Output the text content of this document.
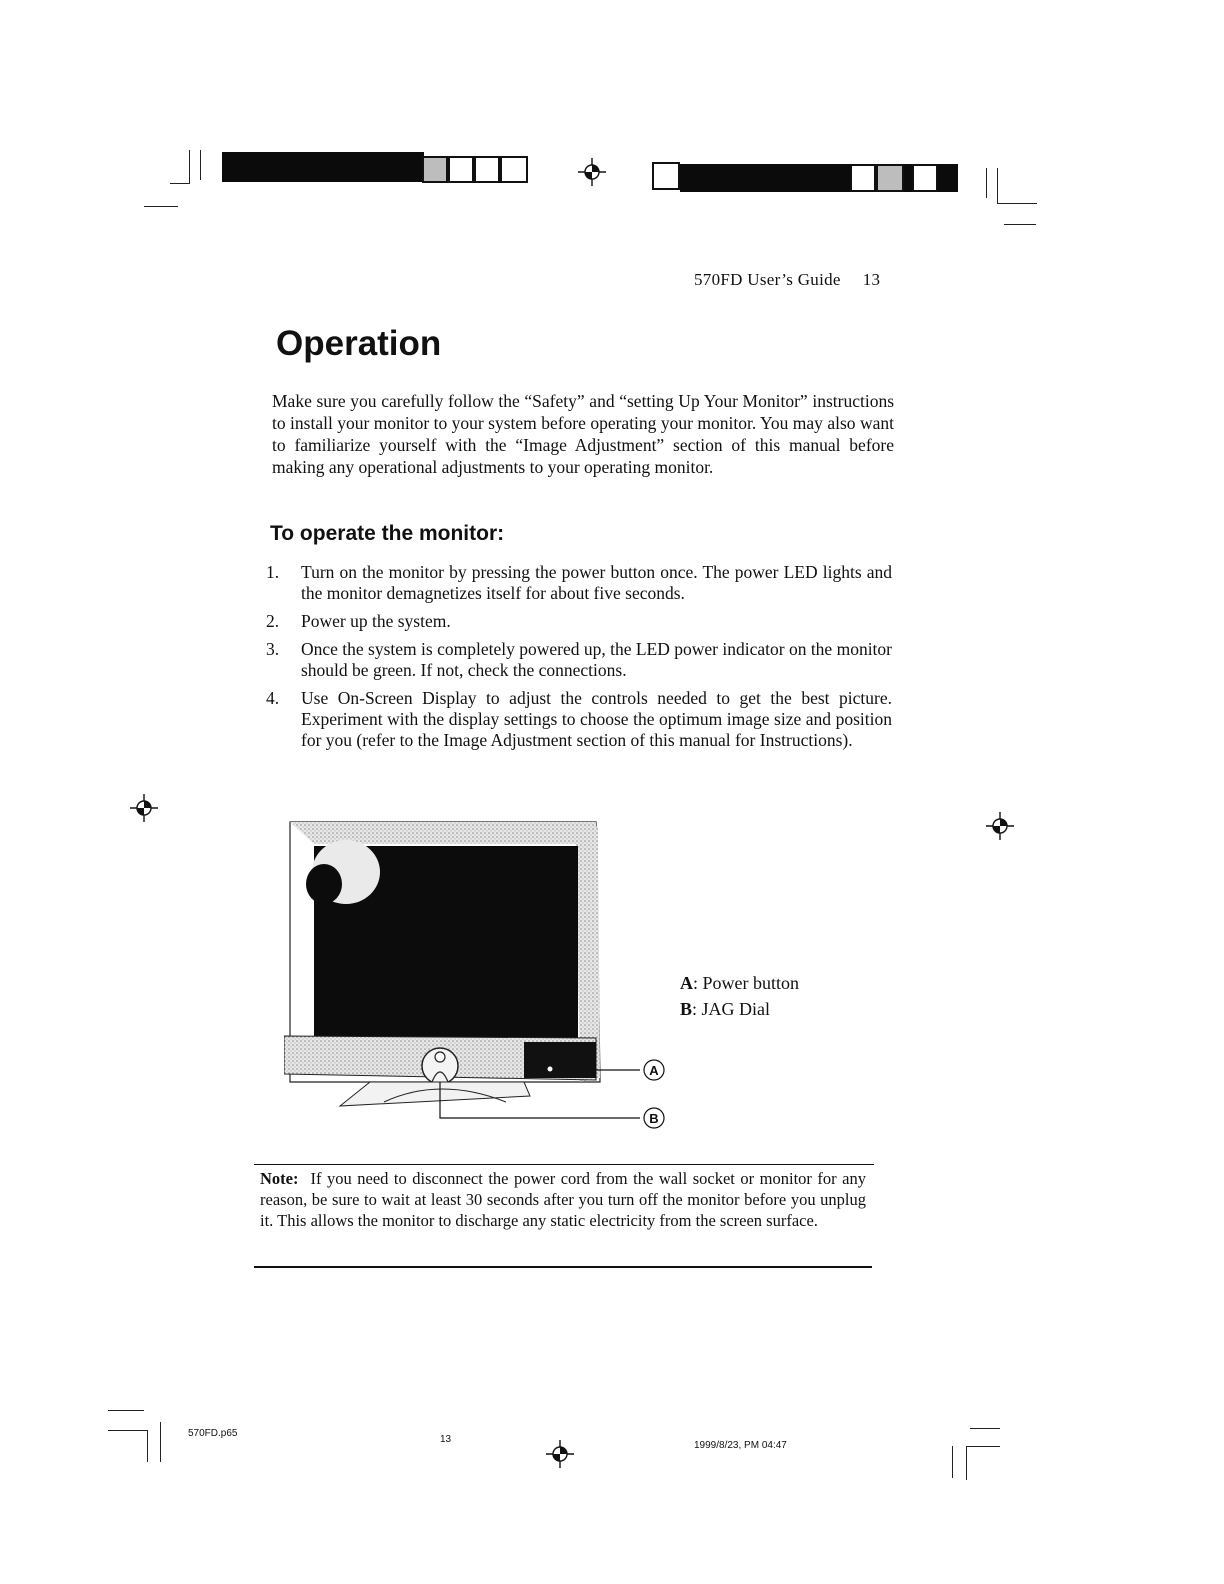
570FD User’s Guide 13
Operation

Make sure you carefully follow the “Safety” and “setting Up Your Monitor” instructions to install your monitor to your system before operating your monitor. You may also want to familiarize yourself with the “Image Adjustment” section of this manual before making any operational adjustments to your operating monitor.

To operate the monitor:
1. Turn on the monitor by pressing the power button once. The power LED lights and the monitor demagnetizes itself for about five seconds.
2. Power up the system.
3. Once the system is completely powered up, the LED power indicator on the monitor should be green. If not, check the connections.
4. Use On-Screen Display to adjust the controls needed to get the best picture. Experiment with the display settings to choose the optimum image size and position for you (refer to the Image Adjustment section of this manual for Instructions).
A
B
A: Power button
B: JAG Dial

Note: If you need to disconnect the power cord from the wall socket or monitor for any reason, be sure to wait at least 30 seconds after you turn off the monitor before you unplug it. This allows the monitor to discharge any static electricity from the screen surface.

570FD.p65
13
1999/8/23, PM 04:47
